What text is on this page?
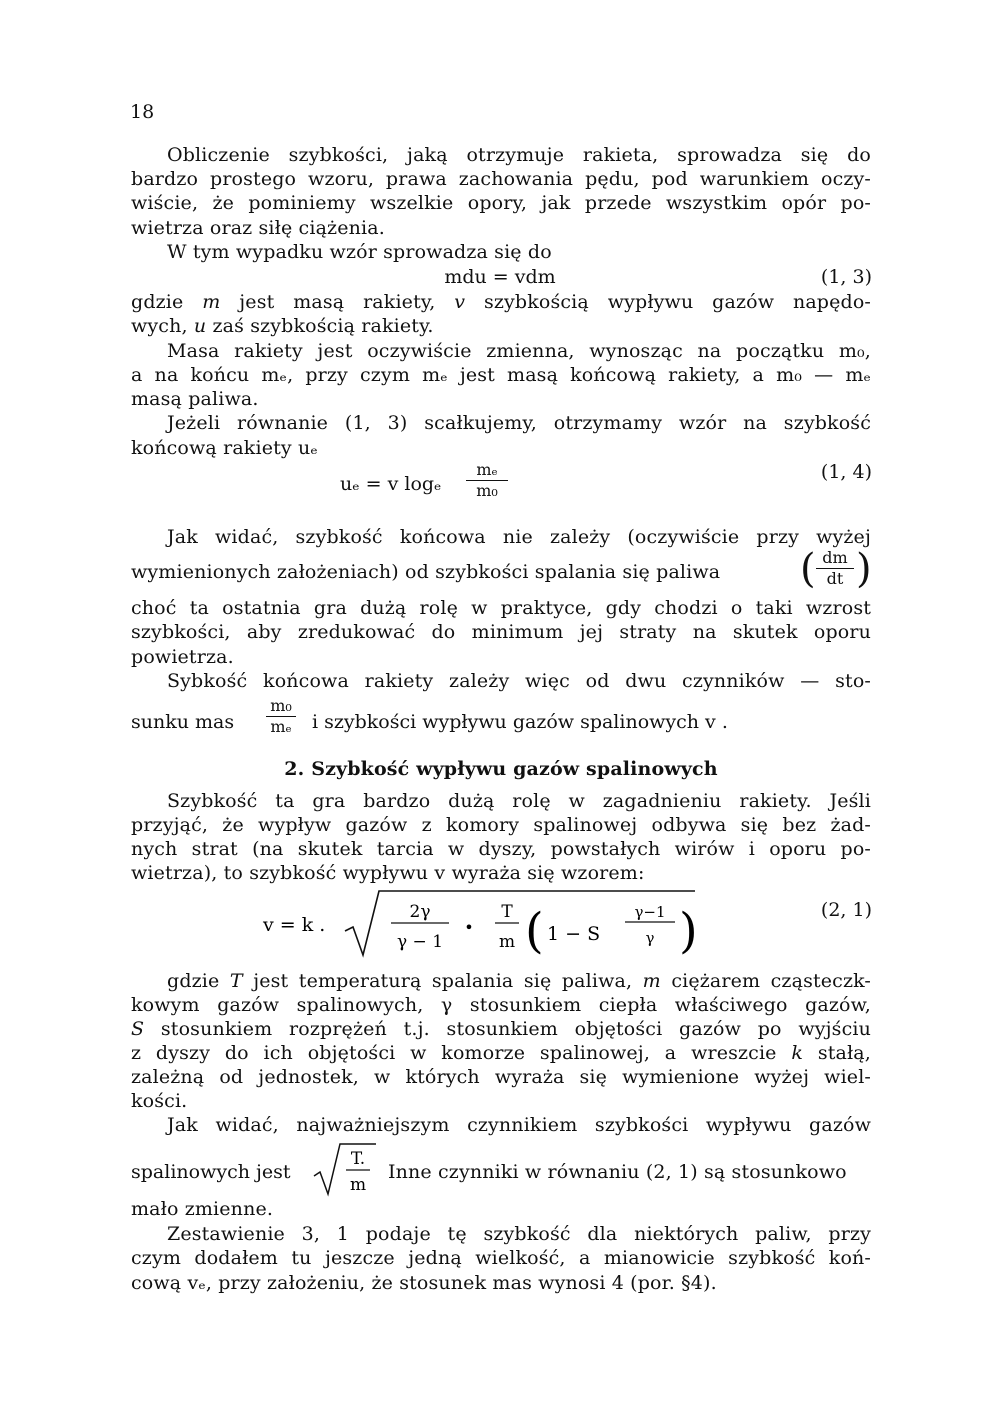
18
Obliczenie szybkości, jaką otrzymuje rakieta, sprowadza się do
bardzo prostego wzoru, prawa zachowania pędu, pod warunkiem oczy-
wiście, że pominiemy wszelkie opory, jak przede wszystkim opór po-
wietrza oraz siłę ciążenia.
W tym wypadku wzór sprowadza się do
mdu = vdm	(1, 3)
gdzie m jest masą rakiety, v szybkością wypływu gazów napędo-
wych, u zaś szybkością rakiety.
Masa rakiety jest oczywiście zmienna, wynosząc na początku m₀,
a na końcu mₑ, przy czym mₑ jest masą końcową rakiety, a m₀ — mₑ
masą paliwa.
Jeżeli równanie (1, 3) scałkujemy, otrzymamy wzór na szybkość
końcową rakiety uₑ
uₑ = v logₑ
mₑ
m₀
(1, 4)
Jak widać, szybkość końcowa nie zależy (oczywiście przy wyżej
wymienionych założeniach) od szybkości spalania się paliwa	( dm
dt )
choć ta ostatnia gra dużą rolę w praktyce, gdy chodzi o taki wzrost
szybkości, aby zredukować do minimum jej straty na skutek oporu
powietrza.
Sybkość końcowa rakiety zależy więc od dwu czynników — sto-
sunku mas
m₀
mₑ i szybkości wypływu gazów spalinowych v .
2. Szybkość wypływu gazów spalinowych
Szybkość ta gra bardzo dużą rolę w zagadnieniu rakiety. Jeśli
przyjąć, że wypływ gazów z komory spalinowej odbywa się bez żad-
nych strat (na skutek tarcia w dyszy, powstałych wirów i oporu po-
wietrza), to szybkość wypływu v wyraża się wzorem:
v = k .
2γ
γ − 1
•
T
m ( 1 − S
γ−1
γ )	(2, 1)
gdzie T jest temperaturą spalania się paliwa, m ciężarem cząsteczk-
kowym gazów spalinowych, γ stosunkiem ciepła właściwego gazów,
S stosunkiem rozprężeń t.j. stosunkiem objętości gazów po wyjściu
z dyszy do ich objętości w komorze spalinowej, a wreszcie k stałą,
zależną od jednostek, w których wyraża się wymienione wyżej wiel-
kości.
Jak widać, najważniejszym czynnikiem szybkości wypływu gazów
spalinowych jest
T.
m
Inne czynniki w równaniu (2, 1) są stosunkowo
mało zmienne.
Zestawienie 3, 1 podaje tę szybkość dla niektórych paliw, przy
czym dodałem tu jeszcze jedną wielkość, a mianowicie szybkość koń-
cową vₑ, przy założeniu, że stosunek mas wynosi 4 (por. §4).
